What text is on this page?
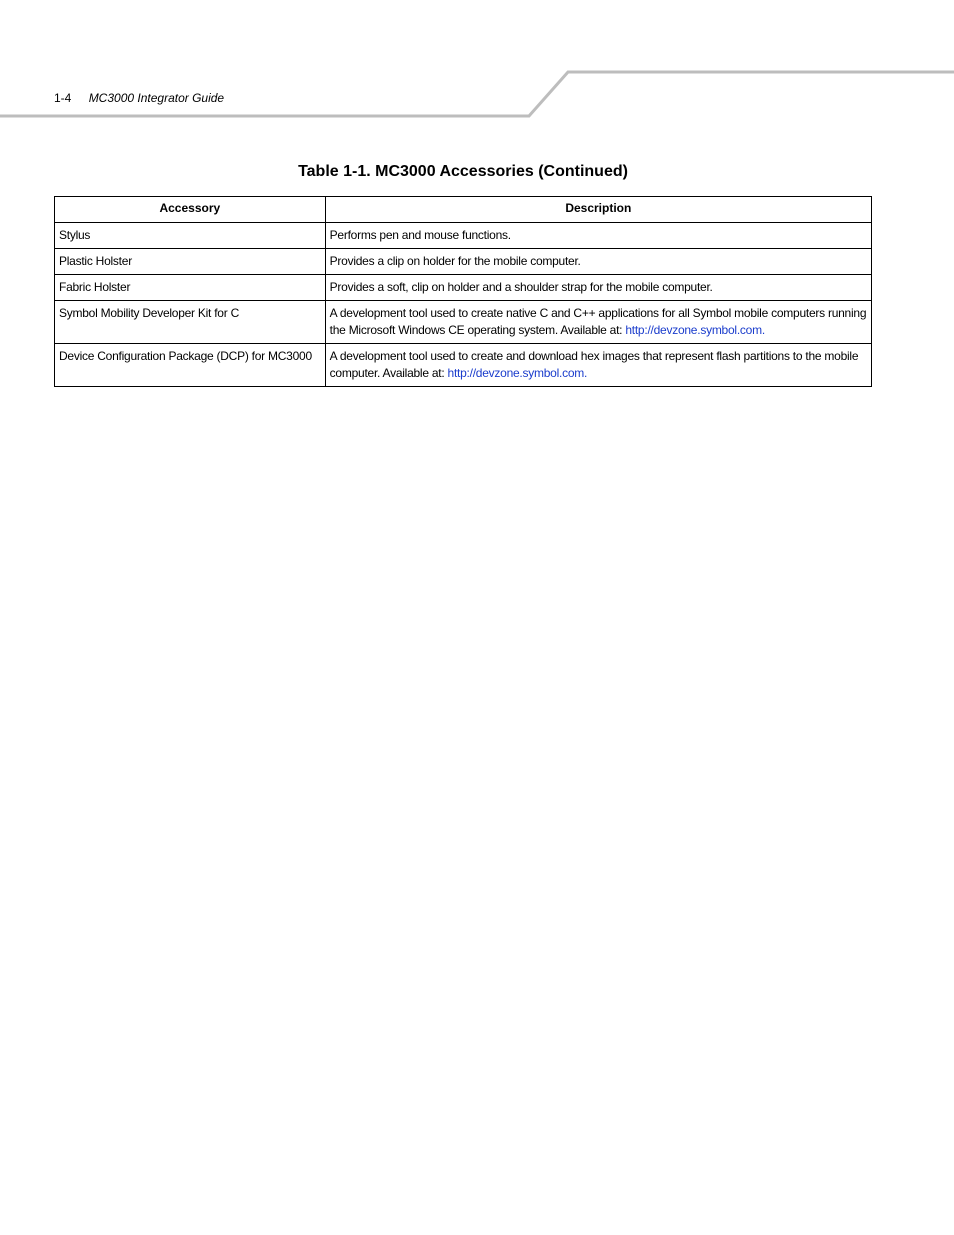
1-4 MC3000 Integrator Guide
Table 1-1. MC3000 Accessories (Continued)
Accessory	Description
Stylus	Performs pen and mouse functions.
Plastic Holster	Provides a clip on holder for the mobile computer.
Fabric Holster	Provides a soft, clip on holder and a shoulder strap for the mobile computer.
Symbol Mobility Developer Kit for C	A development tool used to create native C and C++ applications for all Symbol mobile computers running the Microsoft Windows CE operating system. Available at: http://devzone.symbol.com.
Device Configuration Package (DCP) for MC3000	A development tool used to create and download hex images that represent flash partitions to the mobile computer. Available at: http://devzone.symbol.com.
